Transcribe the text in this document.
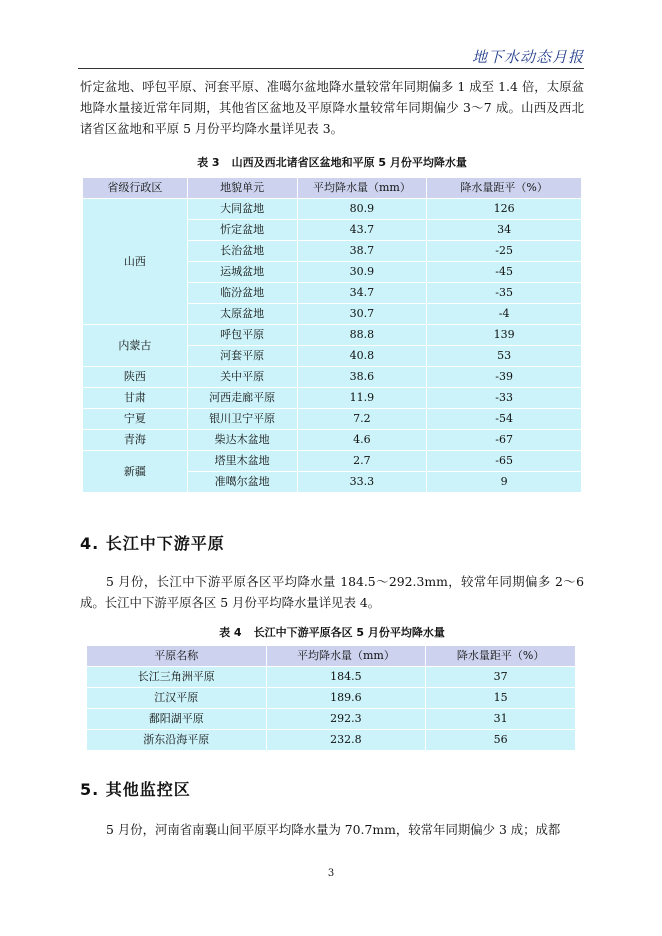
地下水动态月报

忻定盆地、呼包平原、河套平原、准噶尔盆地降水量较常年同期偏多 1 成至 1.4 倍，太原盆地降水量接近常年同期，其他省区盆地及平原降水量较常年同期偏少 3～7 成。山西及西北诸省区盆地和平原 5 月份平均降水量详见表 3。

表 3 山西及西北诸省区盆地和平原 5 月份平均降水量
省级行政区	地貌单元	平均降水量（mm）	降水量距平（%）
山西	大同盆地	80.9	126
	忻定盆地	43.7	34
	长治盆地	38.7	-25
	运城盆地	30.9	-45
	临汾盆地	34.7	-35
	太原盆地	30.7	-4
内蒙古	呼包平原	88.8	139
	河套平原	40.8	53
陕西	关中平原	38.6	-39
甘肃	河西走廊平原	11.9	-33
宁夏	银川卫宁平原	7.2	-54
青海	柴达木盆地	4.6	-67
新疆	塔里木盆地	2.7	-65
	准噶尔盆地	33.3	9
4. 长江中下游平原

5 月份，长江中下游平原各区平均降水量 184.5～292.3mm，较常年同期偏多 2～6 成。长江中下游平原各区 5 月份平均降水量详见表 4。

表 4 长江中下游平原各区 5 月份平均降水量
平原名称	平均降水量（mm）	降水量距平（%）
长江三角洲平原	184.5	37
江汉平原	189.6	15
鄱阳湖平原	292.3	31
浙东沿海平原	232.8	56
5. 其他监控区

5 月份，河南省南襄山间平原平均降水量为 70.7mm，较常年同期偏少 3 成；成都

3
